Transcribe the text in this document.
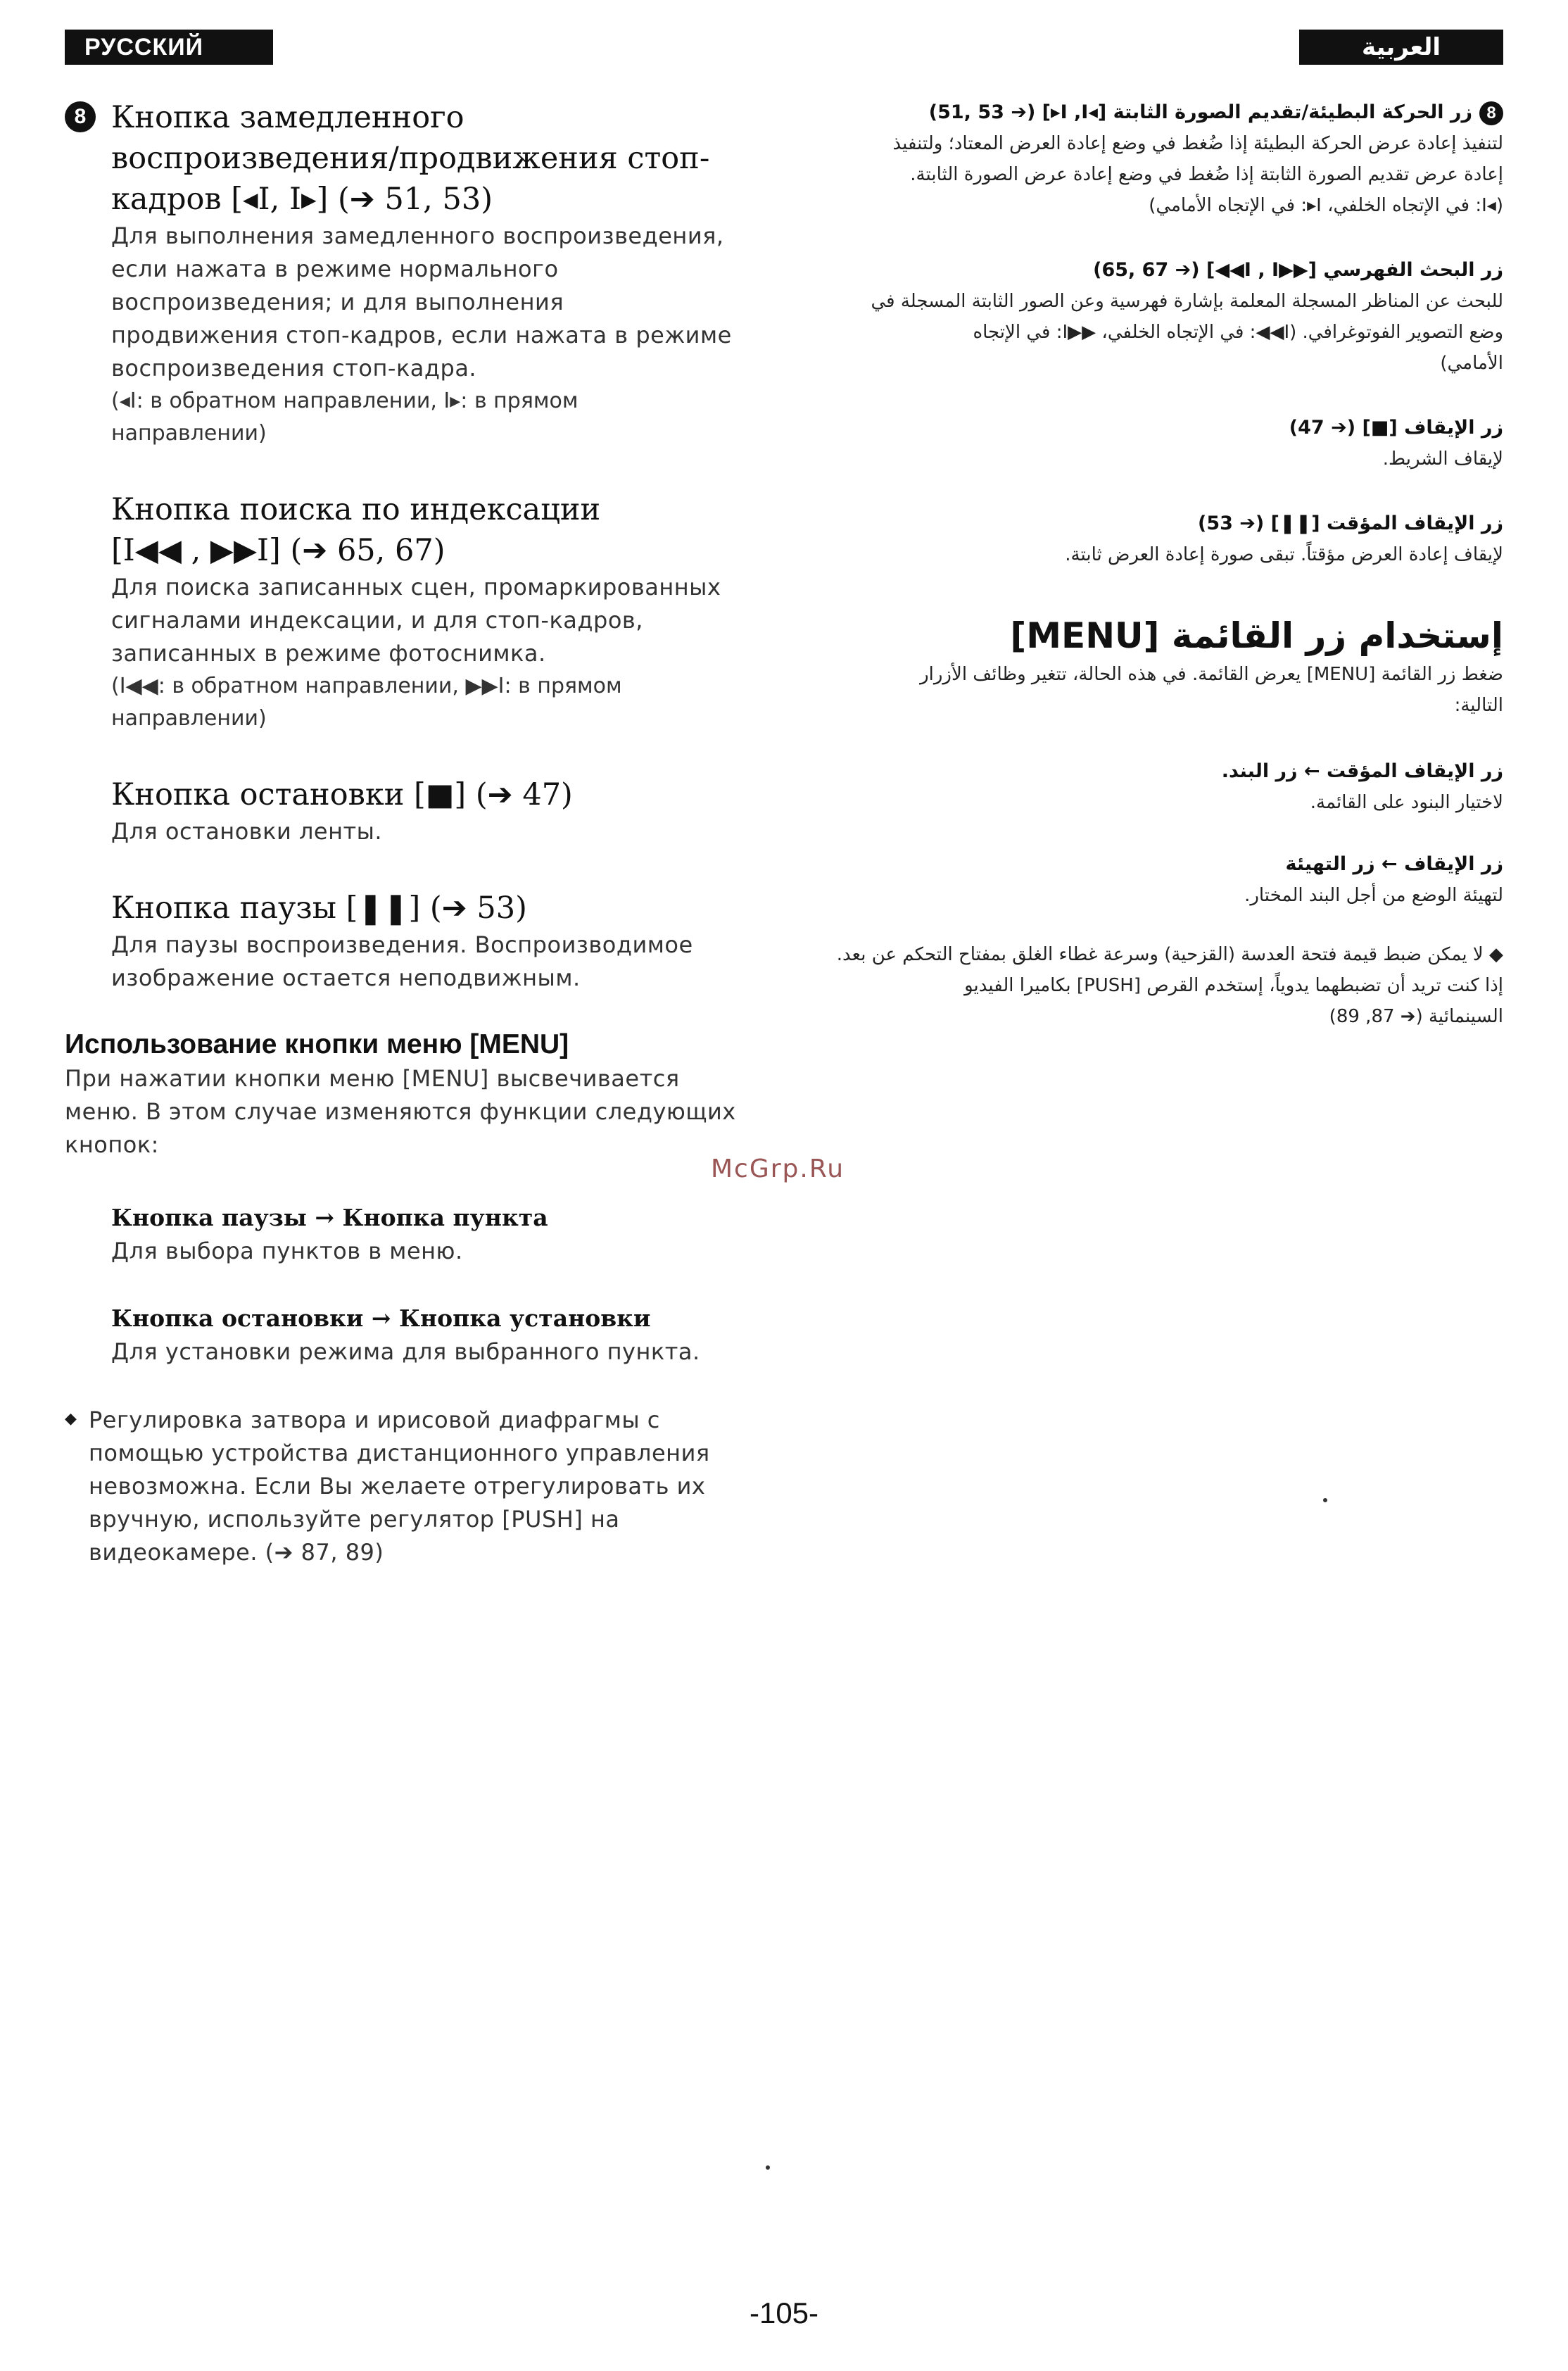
РУССКИЙ ЯЗЫК
العربية
8 Кнопка замедленного

воспроизведения/продвижения стоп-

кадров [◂I, I▸] (➔ 51, 53)

Для выполнения замедленного воспроизведения,

если нажата в режиме нормального

воспроизведения; и для выполнения

продвижения стоп-кадров, если нажата в режиме

воспроизведения стоп-кадра.

(◂I: в обратном направлении, I▸: в прямом

направлении)

Кнопка поиска по индексации

[I◀◀ , ▶▶I] (➔ 65, 67)

Для поиска записанных сцен, промаркированных

сигналами индексации, и для стоп-кадров,

записанных в режиме фотоснимка.

(I◀◀: в обратном направлении, ▶▶I: в прямом

направлении)

Кнопка остановки [■] (➔ 47)

Для остановки ленты.

Кнопка паузы [❚❚] (➔ 53)

Для паузы воспроизведения. Воспроизводимое

изображение остается неподвижным.

Использование кнопки меню [MENU]

При нажатии кнопки меню [MENU] высвечивается

меню. В этом случае изменяются функции следующих

кнопок:

Кнопка паузы → Кнопка пункта

Для выбора пунктов в меню.

Кнопка остановки → Кнопка установки

Для установки режима для выбранного пункта.

◆ Регулировка затвора и ирисовой диафрагмы с

помощью устройства дистанционного управления

невозможна. Если Вы желаете отрегулировать их

вручную, используйте регулятор [PUSH] на

видеокамере. (➔ 87, 89)

8زر الحركة البطيئة/تقديم الصورة الثابتة [◂I ,I▸] (➔ 51, 53)

لتنفيذ إعادة عرض الحركة البطيئة إذا ضُغط في وضع إعادة العرض المعتاد؛ ولتنفيذ

إعادة عرض تقديم الصورة الثابتة إذا ضُغط في وضع إعادة عرض الصورة الثابتة.

(◂I: في الإتجاه الخلفي، I▸: في الإتجاه الأمامي)

زر البحث الفهرسي [▶▶I , I◀◀] (➔ 65, 67)

للبحث عن المناظر المسجلة المعلمة بإشارة فهرسية وعن الصور الثابتة المسجلة في

وضع التصوير الفوتوغرافي. (I◀◀: في الإتجاه الخلفي، ▶▶I: في الإتجاه

الأمامي)

زر الإيقاف [■] (➔ 47)

لإيقاف الشريط.

زر الإيقاف المؤقت [❚❚] (➔ 53)

لإيقاف إعادة العرض مؤقتاً. تبقى صورة إعادة العرض ثابتة.

إستخدام زر القائمة [MENU]

ضغط زر القائمة [MENU] يعرض القائمة. في هذه الحالة، تتغير وظائف الأزرار

التالية:

زر الإيقاف المؤقت ← زر البند.

لاختيار البنود على القائمة.

زر الإيقاف ← زر التهيئة

لتهيئة الوضع من أجل البند المختار.

◆ لا يمكن ضبط قيمة فتحة العدسة (القزحية) وسرعة غطاء الغلق بمفتاح التحكم عن بعد.

إذا كنت تريد أن تضبطهما يدوياً، إستخدم القرص [PUSH] بكاميرا الفيديو

السينمائية (➔ 87, 89)

McGrp.Ru
-105-
